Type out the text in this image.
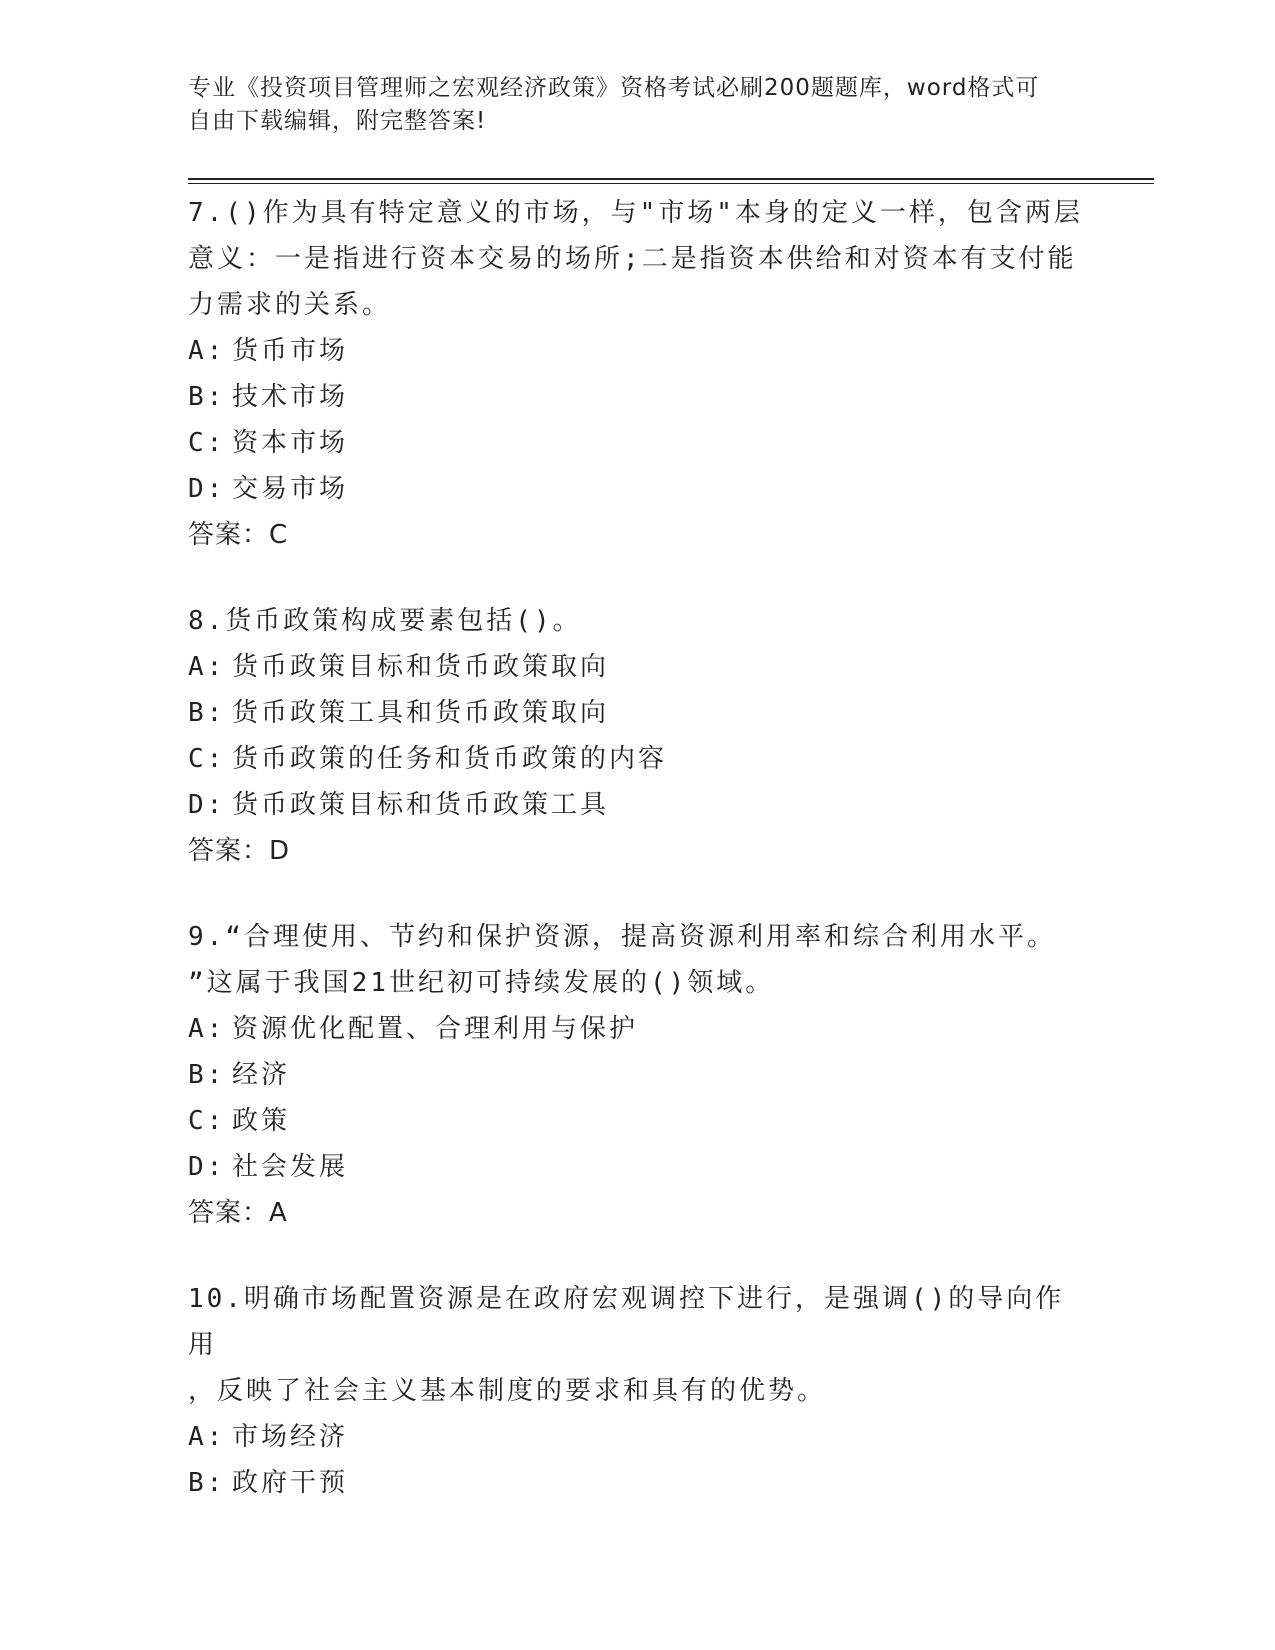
专业《投资项目管理师之宏观经济政策》资格考试必刷200题题库，word格式可
自由下载编辑，附完整答案!

7.()作为具有特定意义的市场，与"市场"本身的定义一样，包含两层

意义：一是指进行资本交易的场所;二是指资本供给和对资本有支付能

力需求的关系。

A: 货币市场
B: 技术市场
C: 资本市场
D: 交易市场

答案：C

8.货币政策构成要素包括()。

A: 货币政策目标和货币政策取向
B: 货币政策工具和货币政策取向
C: 货币政策的任务和货币政策的内容
D: 货币政策目标和货币政策工具

答案：D

9.“合理使用、节约和保护资源，提高资源利用率和综合利用水平。

”这属于我国21世纪初可持续发展的()领域。

A: 资源优化配置、合理利用与保护
B: 经济
C: 政策
D: 社会发展

答案：A

10.明确市场配置资源是在政府宏观调控下进行，是强调()的导向作用

，反映了社会主义基本制度的要求和具有的优势。

A: 市场经济
B: 政府干预
